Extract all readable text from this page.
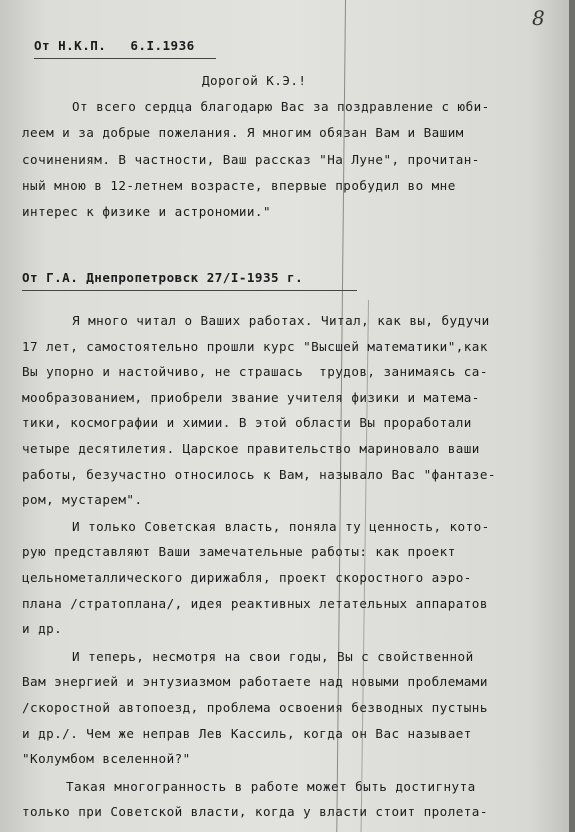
8
От Н.К.П.   6.I.1936
Дорогой К.Э.!
От всего сердца благодарю Вас за поздравление с юби-
леем и за добрые пожелания. Я многим обязан Вам и Вашим
сочинениям. В частности, Ваш рассказ "На Луне", прочитан-
ный мною в 12-летнем возрасте, впервые пробудил во мне
интерес к физике и астрономии."
От Г.А. Днепропетровск 27/I-1935 г.
Я много читал о Ваших работах. Читал, как вы, будучи
17 лет, самостоятельно прошли курс "Высшей математики",как
Вы упорно и настойчиво, не страшась  трудов, занимаясь са-
мообразованием, приобрели звание учителя физики и матема-
тики, космографии и химии. В этой области Вы проработали
четыре десятилетия. Царское правительство мариновало ваши
работы, безучастно относилось к Вам, называло Вас "фантазе-
ром, мустарем".
И только Советская власть, поняла ту ценность, кото-
рую представляют Ваши замечательные работы: как проект
цельнометаллического дирижабля, проект скоростного аэро-
плана /стратоплана/, идея реактивных летательных аппаратов
и др.
И теперь, несмотря на свои годы, Вы с свойственной
Вам энергией и энтузиазмом работаете над новыми проблемами
/скоростной автопоезд, проблема освоения безводных пустынь
и др./. Чем же неправ Лев Кассиль, когда он Вас называет
"Колумбом вселенной?"
Такая многогранность в работе может быть достигнута
только при Советской власти, когда у власти стоит пролета-
